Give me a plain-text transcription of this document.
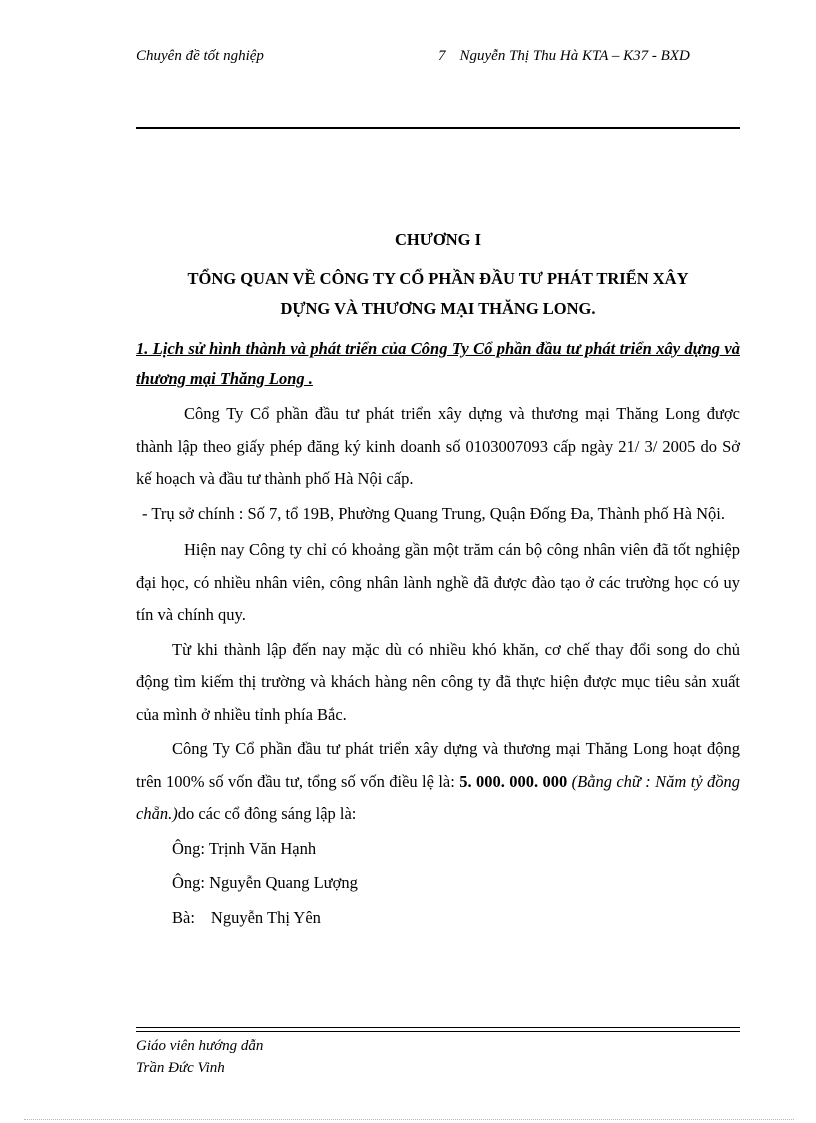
Chuyên đề tốt nghiệp	7 Nguyễn Thị Thu Hà KTA – K37 - BXD
CHƯƠNG I
TỔNG QUAN VỀ CÔNG TY CỔ PHẦN ĐẦU TƯ PHÁT TRIỂN XÂY
DỰNG VÀ THƯƠNG MẠI THĂNG LONG.
1. Lịch sử hình thành và phát triển của Công Ty Cổ phần đầu tư phát triển xây dựng và thương mại Thăng Long .

Công Ty Cổ phần đầu tư phát triển xây dựng và thương mại Thăng Long được thành lập theo giấy phép đăng ký kinh doanh số 0103007093 cấp ngày 21/ 3/ 2005 do Sở kế hoạch và đầu tư thành phố Hà Nội cấp.

- Trụ sở chính : Số 7, tổ 19B, Phường Quang Trung, Quận Đống Đa, Thành phố Hà Nội.

Hiện nay Công ty chỉ có khoảng gần một trăm cán bộ công nhân viên đã tốt nghiệp đại học, có nhiều nhân viên, công nhân lành nghề đã được đào tạo ở các trường học có uy tín và chính quy.

Từ khi thành lập đến nay mặc dù có nhiều khó khăn, cơ chế thay đổi song do chủ động tìm kiếm thị trường và khách hàng nên công ty đã thực hiện được mục tiêu sản xuất của mình ở nhiều tỉnh phía Bắc.

Công Ty Cổ phần đầu tư phát triển xây dựng và thương mại Thăng Long hoạt động trên 100% số vốn đầu tư, tổng số vốn điều lệ là: 5. 000. 000. 000 (Bằng chữ : Năm tỷ đồng chẵn.)do các cổ đông sáng lập là:

Ông: Trịnh Văn Hạnh

Ông: Nguyễn Quang Lượng

Bà: Nguyễn Thị Yên

Giáo viên hướng dẫn
Trần Đức Vinh
